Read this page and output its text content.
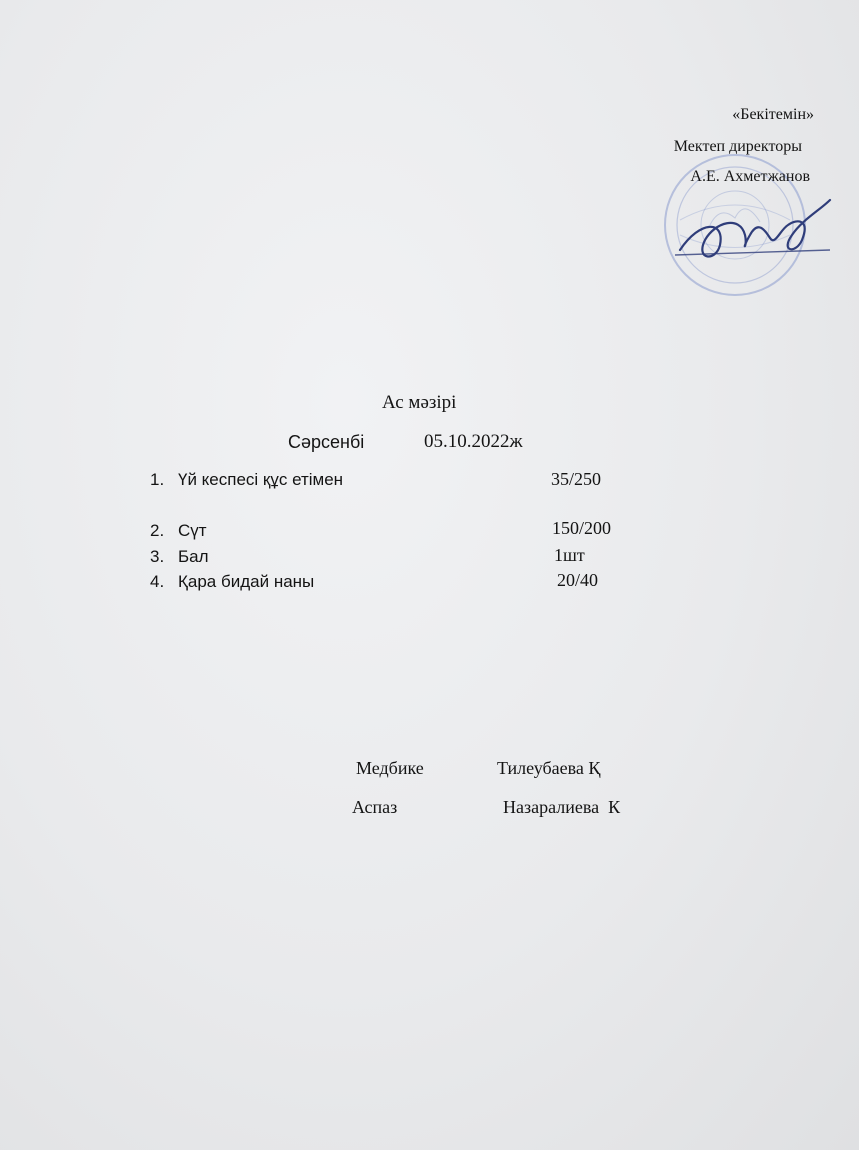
«Бекітемін»
Мектеп директоры
А.Е. Ахметжанов
Ас мәзірі
Сәрсенбі	05.10.2022ж
1. Үй кеспесі құс етімен	35/250
2. Сүт	150/200
3. Бал	1шт
4. Қара бидай наны	20/40
Медбике	Тилеубаева Қ
Аспаз	Назаралиева  К
